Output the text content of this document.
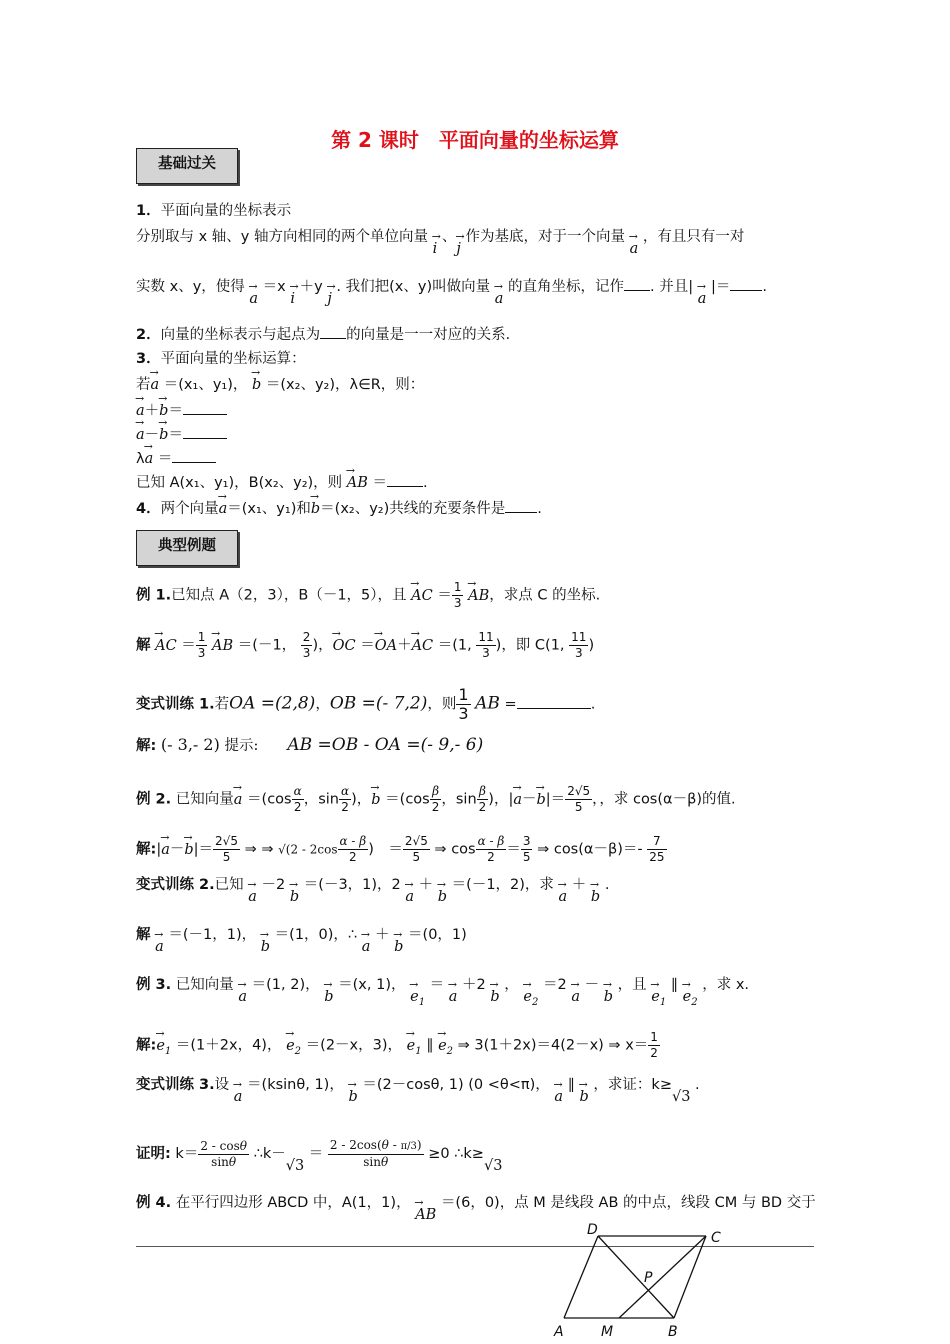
第 2 课时　平面向量的坐标运算
基础过关
1．平面向量的坐标表示
分别取与 x 轴、y 轴方向相同的两个单位向量 → i 、→ j 作为基底，对于一个向量 → a ，有且只有一对
实数 x、y，使得 → a ＝x → i ＋y → j . 我们把(x、y)叫做向量 → a 的直角坐标，记作 . 并且| → a |＝ .
2．向量的坐标表示与起点为 的向量是一一对应的关系．
3．平面向量的坐标运算：
若→ a ＝(x₁、y₁)， → b ＝(x₂、y₂)，λ∈R，则：
→ a＋→ b＝
→ a－→ b＝
λ→ a ＝
已知 A(x₁、y₁)，B(x₂、y₂)，则 → AB ＝ .
4．两个向量→ a＝(x₁、y₁)和→ b＝(x₂、y₂)共线的充要条件是 .
典型例题
例 1.已知点 A（2，3），B（－1，5），且 → AC ＝ $\frac{1}{3}$ → AB，求点 C 的坐标.
解 → AC ＝ $\frac{1}{3}$ → AB ＝(－1， $\frac{2}{3}$ )，→ OC ＝→ OA＋→ AC ＝(1, $\frac{11}{3}$ )，即 C(1, $\frac{11}{3}$ )
变式训练 1.若OA =(2,8)，OB =(- 7,2)，则 $\frac{1}{3}$ AB =	.
解: (- 3,- 2) 提示:　　 AB =OB - OA =(- 9,- 6)
例 2. 已知向量→ $a =(\cos \frac{\alpha}{2}$ ，$\sin \frac{\alpha}{2}$ )，→ $b =(\cos \frac{\beta}{2}$ ，$\sin \frac{\beta}{2}$ )，|→ $a-\to b|= \frac{2√5}{5}$ ，，求 cos(α－β)的值.
解:|→ $a-\to b|= \frac{2√5}{5}$ ⇒ ⇒ $√(2 - 2\cos \frac{\alpha - \beta}{2}$ )　＝ $\frac{2√5}{5}$ ⇒ $\cos \frac{\alpha - \beta}{2} = \frac{3}{5}$ ⇒ $\cos(\alpha-\beta)=- \frac{7}{25}$
变式训练 2.已知 → a －2 → b ＝(－3，1)，2 → a ＋ → b ＝(－1，2)，求 → a ＋ → b .
解 → a ＝(－1，1)， → b ＝(1，0)，∴ → a ＋ → b ＝(0，1)
例 3. 已知向量 → a ＝(1, 2)， → b ＝(x, 1)， → $e_1$ ＝ → a ＋2 → b ， → $e_2 =2 \to a$ － → b ，且 → $e_1$ ∥ → $e_2$ ，求 x.
解:→ $e_1 =(1+2x$，4)， → $e_2 =(2-x$，3)， → $e_1$ ∥ → $e_2$ ⇒ 3(1＋2x)＝4(2－x) ⇒ $x= \frac{1}{2}$
变式训练 3.设 → a ＝(ksinθ, 1)， → b ＝(2－cosθ, 1) (0 <θ<π)， → a ∥ → b ，求证：k≥√3 .
证明: $k= \frac{2 - \cos\theta}{\sin\theta}$ ∴k－√3 ＝ $\frac{2 - 2\cos(\theta - \pi/3)}{\sin\theta} \ge 0$ ∴k≥√3
例 4. 在平行四边形 ABCD 中，A(1，1)， → AB ＝(6，0)，点 M 是线段 AB 的中点，线段 CM 与 BD 交于
D	C
P
A	M	B
